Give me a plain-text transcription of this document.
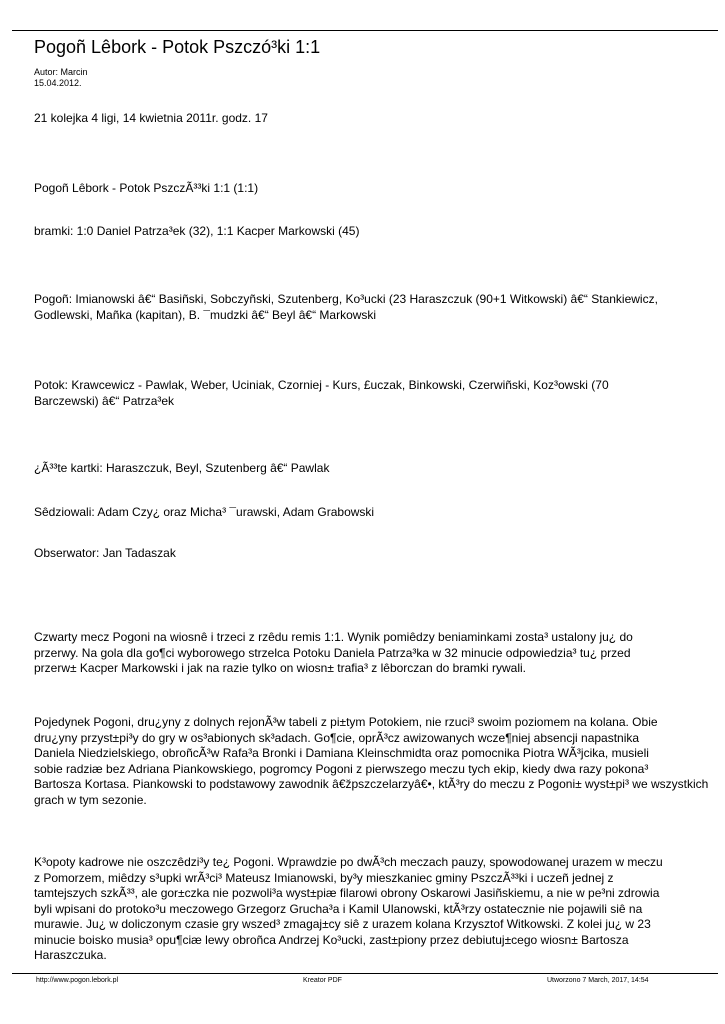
Pogoñ Lêbork - Potok Pszczó³ki 1:1
Autor: Marcin
15.04.2012.
21 kolejka 4 ligi, 14 kwietnia 2011r. godz. 17
Pogoñ Lêbork - Potok PszczÃ³³ki 1:1 (1:1)
bramki: 1:0 Daniel Patrza³ek (32), 1:1 Kacper Markowski (45)
Pogoñ: Imianowski â€“ Basiñski, Sobczyñski, Szutenberg, Ko³ucki (23 Haraszczuk (90+1 Witkowski) â€“ Stankiewicz,
Godlewski, Mañka (kapitan), B. ¯mudzki â€“ Beyl â€“ Markowski
Potok: Krawcewicz - Pawlak, Weber, Uciniak, Czorniej - Kurs, £uczak, Binkowski, Czerwiñski, Koz³owski (70
Barczewski) â€“ Patrza³ek
¿Ã³³te kartki: Haraszczuk, Beyl, Szutenberg â€“ Pawlak
Sêdziowali: Adam Czy¿ oraz Micha³ ¯urawski, Adam Grabowski
Obserwator: Jan Tadaszak
Czwarty mecz Pogoni na wiosnê i trzeci z rzêdu remis 1:1. Wynik pomiêdzy beniaminkami zosta³ ustalony ju¿ do
przerwy. Na gola dla go¶ci wyborowego strzelca Potoku Daniela Patrza³ka w 32 minucie odpowiedzia³ tu¿ przed
przerw± Kacper Markowski i jak na razie tylko on wiosn± trafia³ z lêborczan do bramki rywali.
Pojedynek Pogoni, dru¿yny z dolnych rejonÃ³w tabeli z pi±tym Potokiem, nie rzuci³ swoim poziomem na kolana. Obie
dru¿yny przyst±pi³y do gry w os³abionych sk³adach. Go¶cie, oprÃ³cz awizowanych wcze¶niej absencji napastnika
Daniela Niedzielskiego, obroñcÃ³w Rafa³a Bronki i Damiana Kleinschmidta oraz pomocnika Piotra WÃ³jcika, musieli
sobie radziæ bez Adriana Piankowskiego, pogromcy Pogoni z pierwszego meczu tych ekip, kiedy dwa razy pokona³
Bartosza Kortasa. Piankowski to podstawowy zawodnik â€žpszczelarzyâ€•, ktÃ³ry do meczu z Pogoni± wyst±pi³ we wszystkich
grach w tym sezonie.
K³opoty kadrowe nie oszczêdzi³y te¿ Pogoni. Wprawdzie po dwÃ³ch meczach pauzy, spowodowanej urazem w meczu
z Pomorzem, miêdzy s³upki wrÃ³ci³ Mateusz Imianowski, by³y mieszkaniec gminy PszczÃ³³ki i uczeñ jednej z
tamtejszych szkÃ³³, ale gor±czka nie pozwoli³a wyst±piæ filarowi obrony Oskarowi Jasiñskiemu, a nie w pe³ni zdrowia
byli wpisani do protoko³u meczowego Grzegorz Grucha³a i Kamil Ulanowski, ktÃ³rzy ostatecznie nie pojawili siê na
murawie. Ju¿ w doliczonym czasie gry wszed³ zmagaj±cy siê z urazem kolana Krzysztof Witkowski. Z kolei ju¿ w 23
minucie boisko musia³ opu¶ciæ lewy obroñca Andrzej Ko³ucki, zast±piony przez debiutuj±cego wiosn± Bartosza
Haraszczuka.
http://www.pogon.lebork.pl	Kreator PDF	Utworzono 7 March, 2017, 14:54
